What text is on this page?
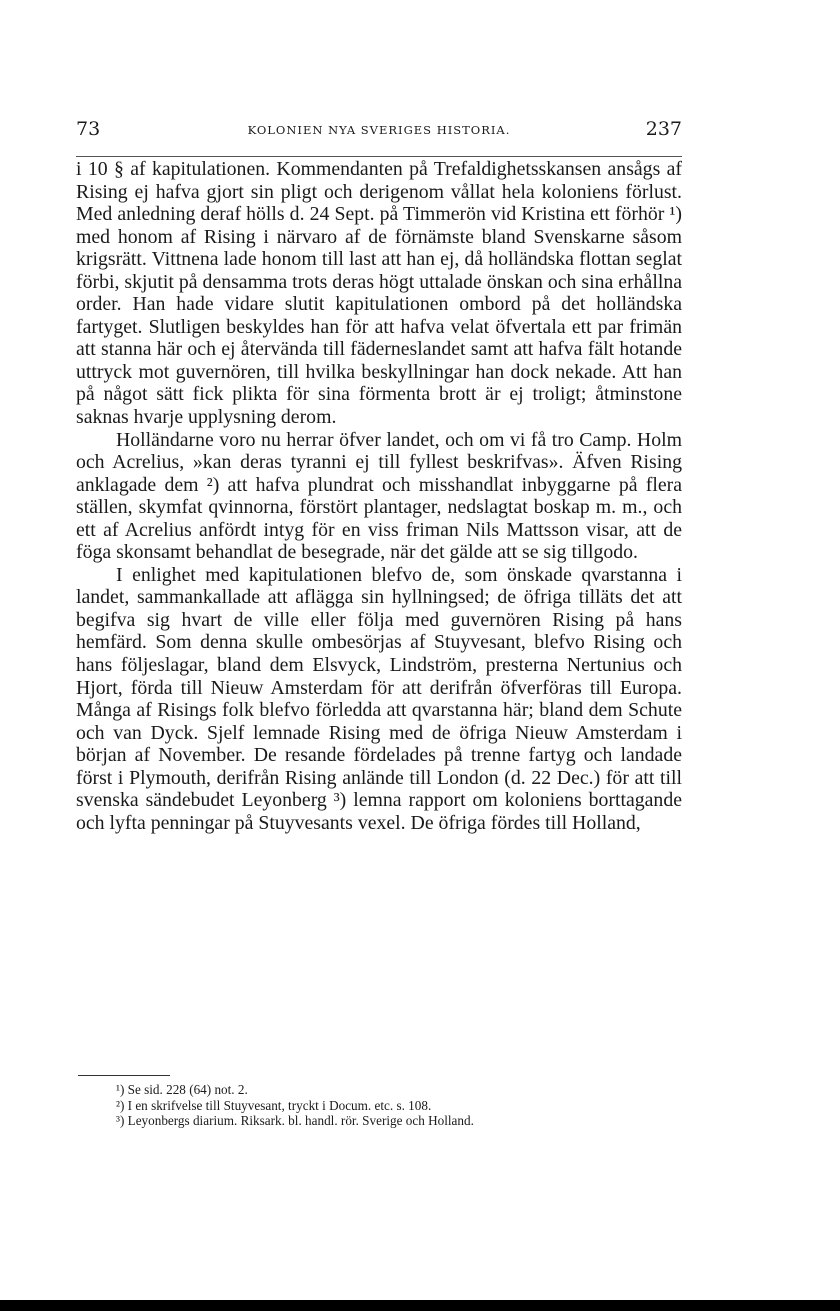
73	KOLONIEN NYA SVERIGES HISTORIA.	237

i 10 § af kapitulationen. Kommendanten på Trefaldighetsskansen ansågs af Rising ej hafva gjort sin pligt och derigenom vållat hela koloniens förlust. Med anledning deraf hölls d. 24 Sept. på Timmerön vid Kristina ett förhör ¹) med honom af Rising i närvaro af de förnämste bland Svenskarne såsom krigsrätt. Vittnena lade honom till last att han ej, då holländska flottan seglat förbi, skjutit på densamma trots deras högt uttalade önskan och sina erhållna order. Han hade vidare slutit kapitulationen ombord på det holländska fartyget. Slutligen beskyldes han för att hafva velat öfvertala ett par frimän att stanna här och ej återvända till fäderneslandet samt att hafva fält hotande uttryck mot guvernören, till hvilka beskyllningar han dock nekade. Att han på något sätt fick plikta för sina förmenta brott är ej troligt; åtminstone saknas hvarje upplysning derom.

Holländarne voro nu herrar öfver landet, och om vi få tro Camp. Holm och Acrelius, »kan deras tyranni ej till fyllest beskrifvas». Äfven Rising anklagade dem ²) att hafva plundrat och misshandlat inbyggarne på flera ställen, skymfat qvinnorna, förstört plantager, nedslagtat boskap m. m., och ett af Acrelius anfördt intyg för en viss friman Nils Mattsson visar, att de föga skonsamt behandlat de besegrade, när det gälde att se sig tillgodo.

I enlighet med kapitulationen blefvo de, som önskade qvarstanna i landet, sammankallade att aflägga sin hyllningsed; de öfriga tilläts det att begifva sig hvart de ville eller följa med guvernören Rising på hans hemfärd. Som denna skulle ombesörjas af Stuyvesant, blefvo Rising och hans följeslagar, bland dem Elsvyck, Lindström, presterna Nertunius och Hjort, förda till Nieuw Amsterdam för att derifrån öfverföras till Europa. Många af Risings folk blefvo förledda att qvarstanna här; bland dem Schute och van Dyck. Sjelf lemnade Rising med de öfriga Nieuw Amsterdam i början af November. De resande fördelades på trenne fartyg och landade först i Plymouth, derifrån Rising anlände till London (d. 22 Dec.) för att till svenska sändebudet Leyonberg ³) lemna rapport om koloniens borttagande och lyfta penningar på Stuyvesants vexel. De öfriga fördes till Holland,

¹) Se sid. 228 (64) not. 2.

²) I en skrifvelse till Stuyvesant, tryckt i Docum. etc. s. 108.

³) Leyonbergs diarium. Riksark. bl. handl. rör. Sverige och Holland.
